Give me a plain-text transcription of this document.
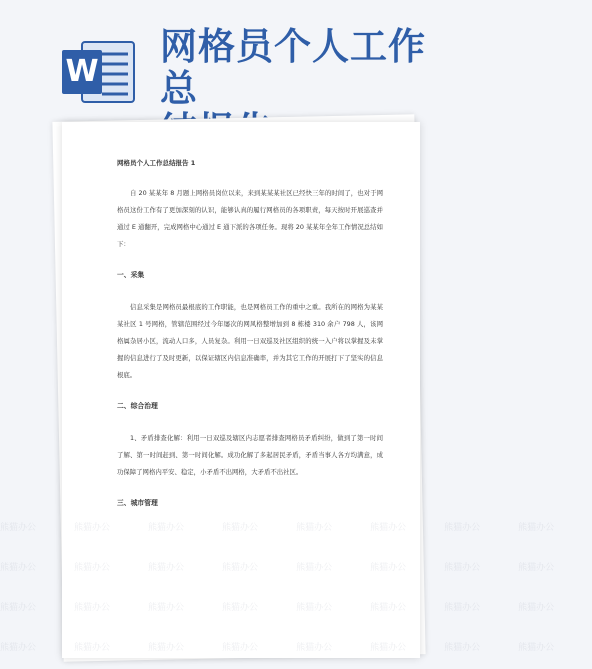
W
网格员个人工作总
网格员个人工作总结报告 1

自 20 某某年 8 月题上网格员岗位以来，来到某某某社区已经快三年的时间了，也对于网格员这份工作有了更加深刻的认识，能够认真的履行网格员的各项职责，每天按时开展巡查并通过 E 通翻开，完成网格中心通过 E 通下派的各项任务。现将 20 某某年全年工作情况总结如下：

一、采集

信息采集是网格员最根底的工作职能，也是网格员工作的重中之重。我所在的网格为某某某社区 1 号网格，管辖范围经过今年屡次的网风格整增加到 8 栋楼 310 余户 798 人，该网格属杂居小区，流动人口多，人员复杂。利用一日双巡及社区组织的统一入户将以掌握及未掌握的信息进行了及时更新，以保证辖区内信息准确率，并为其它工作的开展打下了坚实的信息根底。

二、综合治理

1、矛盾排查化解：利用一日双巡及辖区内志愿者排查网格员矛盾纠纷，做到了第一时间了解、第一时间赶到、第一时间化解。成功化解了多起居民矛盾，矛盾当事人各方均满意，成功保障了网格内平安、稳定，小矛盾不出网格，大矛盾不出社区。

三、城市管理
熊猫办公	熊猫办公	熊猫办公
熊猫办公	熊猫办公	熊猫办公
熊猫办公	熊猫办公	熊猫办公
熊猫办公	熊猫办公	熊猫办公
